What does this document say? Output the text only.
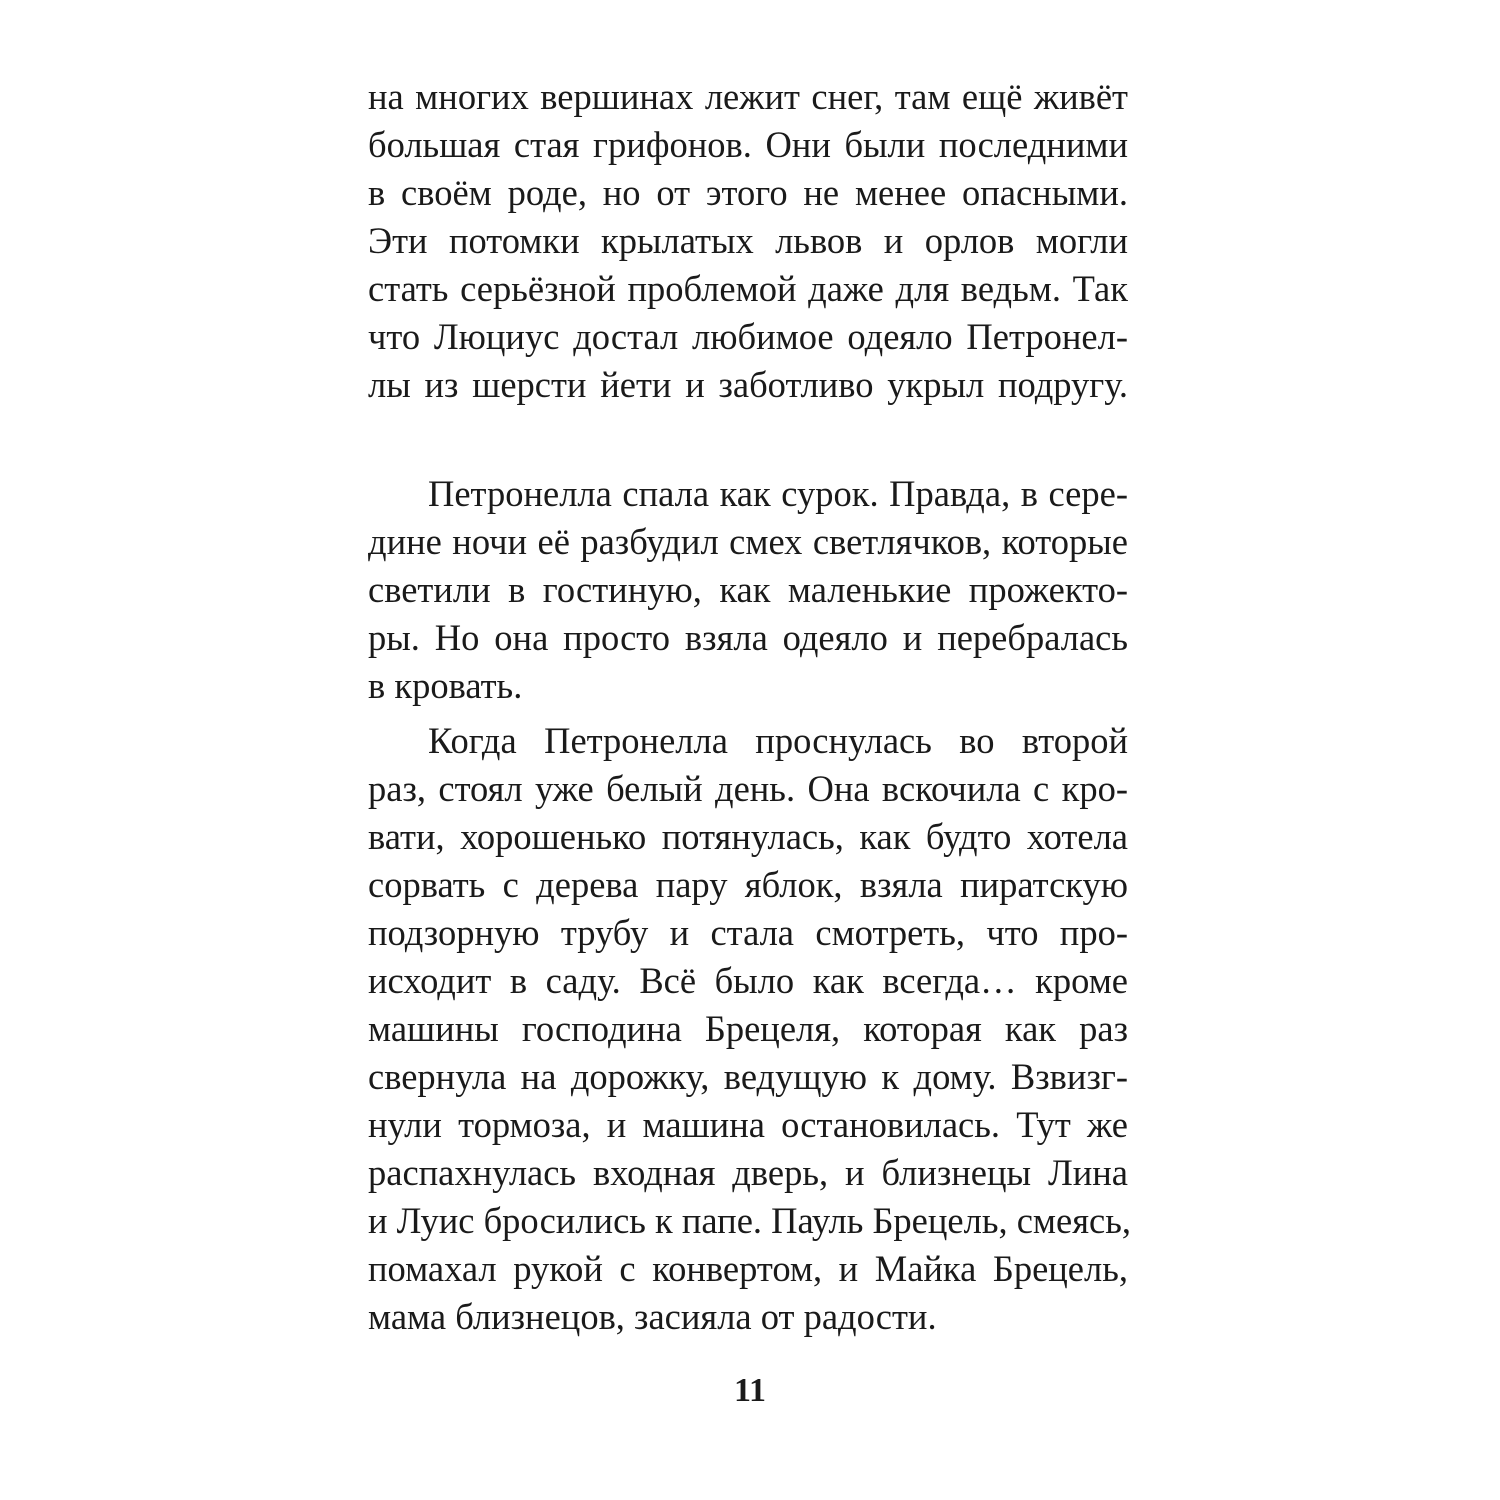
на многих вершинах лежит снег, там ещё живёт
большая стая грифонов. Они были последними
в своём роде, но от этого не менее опасными.
Эти потомки крылатых львов и орлов могли
стать серьёзной проблемой даже для ведьм. Так
что Люциус достал любимое одеяло Петронел-
лы из шерсти йети и заботливо укрыл подругу.
Петронелла спала как сурок. Правда, в сере-
дине ночи её разбудил смех светлячков, которые
светили в гостиную, как маленькие прожекто-
ры. Но она просто взяла одеяло и перебралась
в кровать.
Когда Петронелла проснулась во второй
раз, стоял уже белый день. Она вскочила с кро-
вати, хорошенько потянулась, как будто хотела
сорвать с дерева пару яблок, взяла пиратскую
подзорную трубу и стала смотреть, что про-
исходит в саду. Всё было как всегда… кроме
машины господина Брецеля, которая как раз
свернула на дорожку, ведущую к дому. Взвизг-
нули тормоза, и машина остановилась. Тут же
распахнулась входная дверь, и близнецы Лина
и Луис бросились к папе. Пауль Брецель, смеясь,
помахал рукой с конвертом, и Майка Брецель,
мама близнецов, засияла от радости.
11
